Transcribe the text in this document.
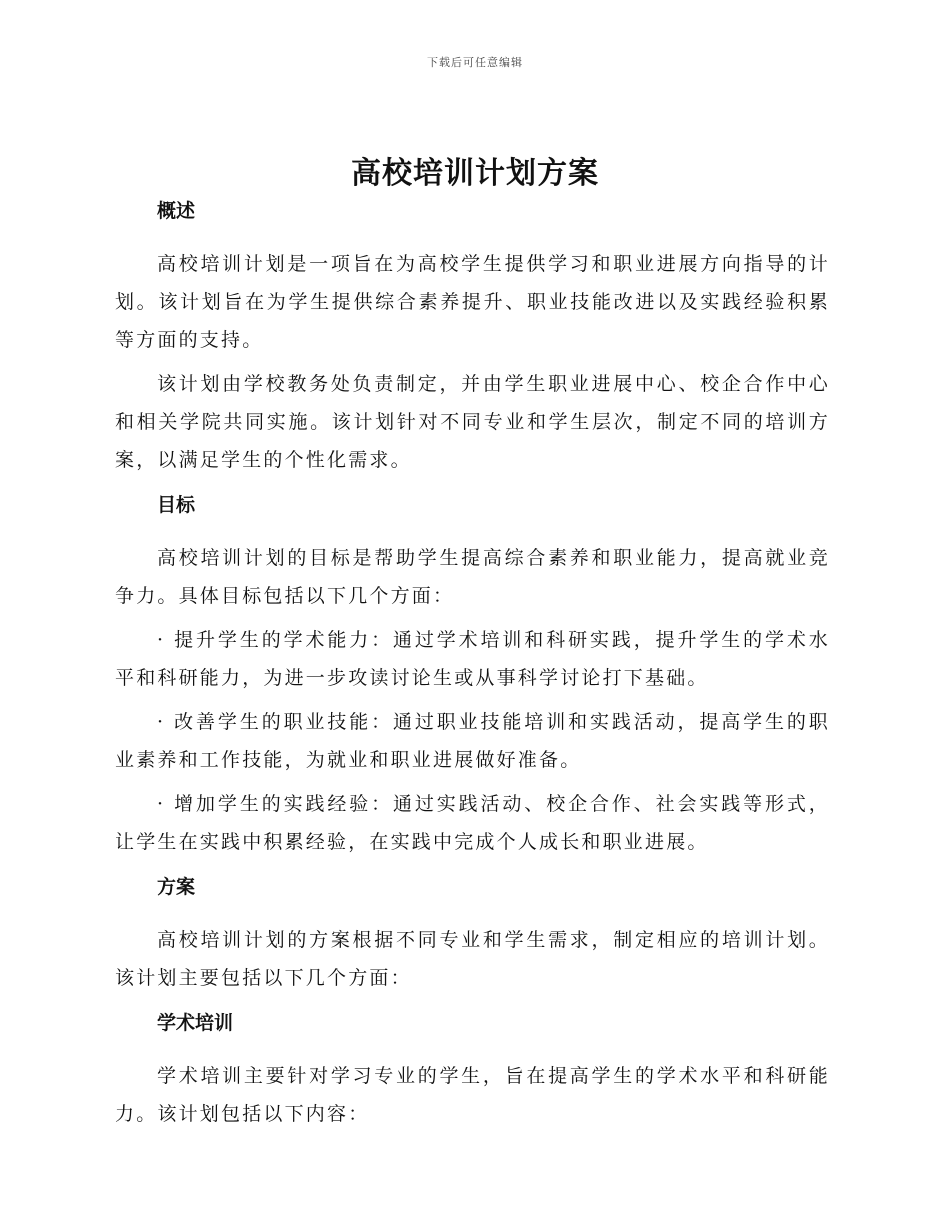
下载后可任意编辑
高校培训计划方案
概述

高校培训计划是一项旨在为高校学生提供学习和职业进展方向指导的计划。该计划旨在为学生提供综合素养提升、职业技能改进以及实践经验积累等方面的支持。

该计划由学校教务处负责制定，并由学生职业进展中心、校企合作中心和相关学院共同实施。该计划针对不同专业和学生层次，制定不同的培训方案，以满足学生的个性化需求。

目标

高校培训计划的目标是帮助学生提高综合素养和职业能力，提高就业竞争力。具体目标包括以下几个方面：

· 提升学生的学术能力：通过学术培训和科研实践，提升学生的学术水平和科研能力，为进一步攻读讨论生或从事科学讨论打下基础。

· 改善学生的职业技能：通过职业技能培训和实践活动，提高学生的职业素养和工作技能，为就业和职业进展做好准备。

· 增加学生的实践经验：通过实践活动、校企合作、社会实践等形式，让学生在实践中积累经验，在实践中完成个人成长和职业进展。

方案

高校培训计划的方案根据不同专业和学生需求，制定相应的培训计划。该计划主要包括以下几个方面：

学术培训

学术培训主要针对学习专业的学生，旨在提高学生的学术水平和科研能力。该计划包括以下内容：
